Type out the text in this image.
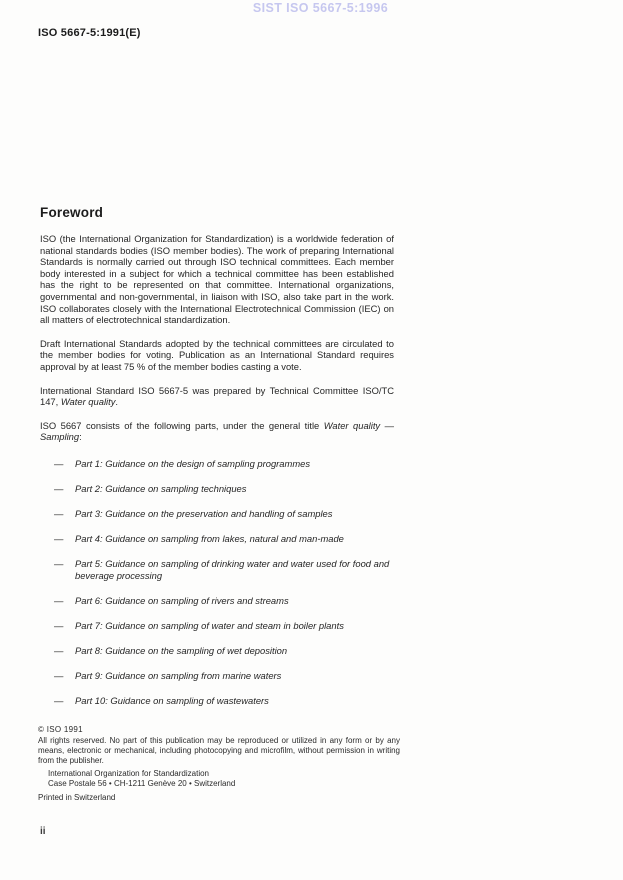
SIST ISO 5667-5:1996
ISO 5667-5:1991(E)
Foreword

ISO (the International Organization for Standardization) is a worldwide federation of national standards bodies (ISO member bodies). The work of preparing International Standards is normally carried out through ISO technical committees. Each member body interested in a subject for which a technical committee has been established has the right to be represented on that committee. International organizations, governmental and non-governmental, in liaison with ISO, also take part in the work. ISO collaborates closely with the International Electrotechnical Commission (IEC) on all matters of electrotechnical standardization.

Draft International Standards adopted by the technical committees are circulated to the member bodies for voting. Publication as an International Standard requires approval by at least 75 % of the member bodies casting a vote.

International Standard ISO 5667-5 was prepared by Technical Committee ISO/TC 147, Water quality.

ISO 5667 consists of the following parts, under the general title Water quality — Sampling:

—	Part 1: Guidance on the design of sampling programmes
—	Part 2: Guidance on sampling techniques
—	Part 3: Guidance on the preservation and handling of samples
—	Part 4: Guidance on sampling from lakes, natural and man-made
—	Part 5: Guidance on sampling of drinking water and water used for food and beverage processing
—	Part 6: Guidance on sampling of rivers and streams
—	Part 7: Guidance on sampling of water and steam in boiler plants
—	Part 8: Guidance on the sampling of wet deposition
—	Part 9: Guidance on sampling from marine waters
—	Part 10: Guidance on sampling of wastewaters
© ISO 1991

All rights reserved. No part of this publication may be reproduced or utilized in any form or by any means, electronic or mechanical, including photocopying and microfilm, without permission in writing from the publisher.

International Organization for Standardization
Case Postale 56 • CH-1211 Genève 20 • Switzerland
Printed in Switzerland
ii
